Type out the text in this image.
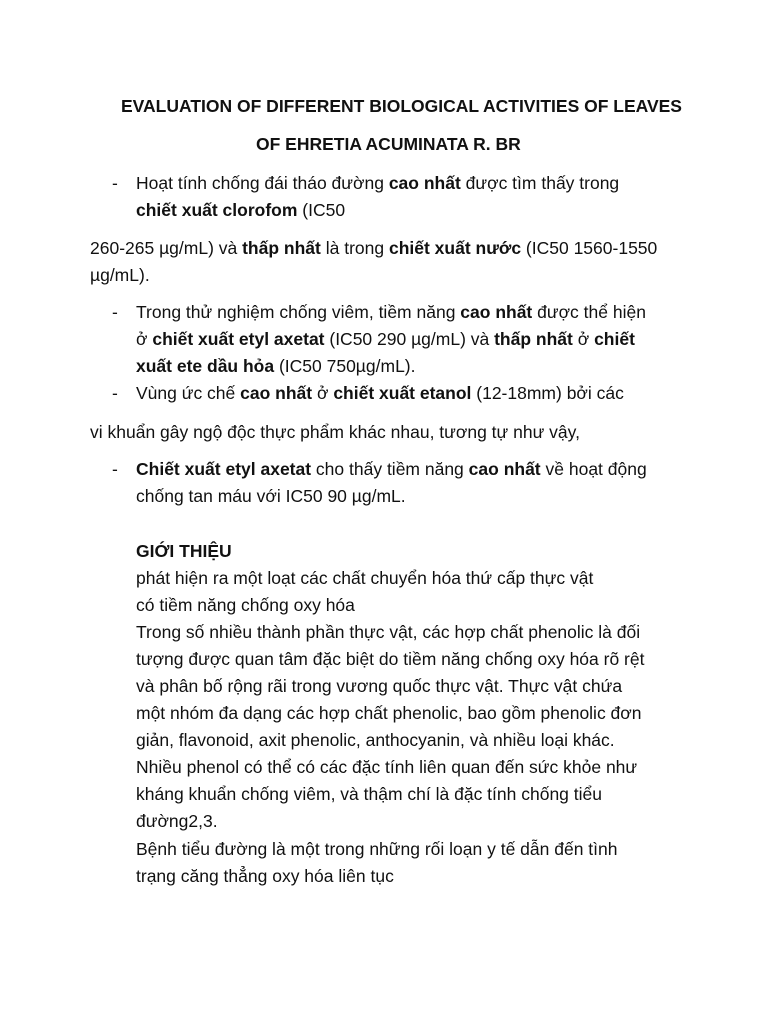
EVALUATION OF DIFFERENT BIOLOGICAL ACTIVITIES OF LEAVES
OF EHRETIA ACUMINATA R. BR
- Hoạt tính chống đái tháo đường cao nhất được tìm thấy trong
chiết xuất clorofom (IC50
260-265 µg/mL) và thấp nhất là trong chiết xuất nước (IC50 1560-1550
µg/mL).
- Trong thử nghiệm chống viêm, tiềm năng cao nhất được thể hiện
ở chiết xuất etyl axetat (IC50 290 µg/mL) và thấp nhất ở chiết
xuất ete dầu hỏa (IC50 750µg/mL).
- Vùng ức chế cao nhất ở chiết xuất etanol (12-18mm) bởi các
vi khuẩn gây ngộ độc thực phẩm khác nhau, tương tự như vậy,
- Chiết xuất etyl axetat cho thấy tiềm năng cao nhất về hoạt động
chống tan máu với IC50 90 µg/mL.
GIỚI THIỆU
phát hiện ra một loạt các chất chuyển hóa thứ cấp thực vật
có tiềm năng chống oxy hóa
Trong số nhiều thành phần thực vật, các hợp chất phenolic là đối
tượng được quan tâm đặc biệt do tiềm năng chống oxy hóa rõ rệt
và phân bố rộng rãi trong vương quốc thực vật. Thực vật chứa
một nhóm đa dạng các hợp chất phenolic, bao gồm phenolic đơn
giản, flavonoid, axit phenolic, anthocyanin, và nhiều loại khác.
Nhiều phenol có thể có các đặc tính liên quan đến sức khỏe như
kháng khuẩn chống viêm, và thậm chí là đặc tính chống tiểu
đường2,3.
Bệnh tiểu đường là một trong những rối loạn y tế dẫn đến tình
trạng căng thẳng oxy hóa liên tục
